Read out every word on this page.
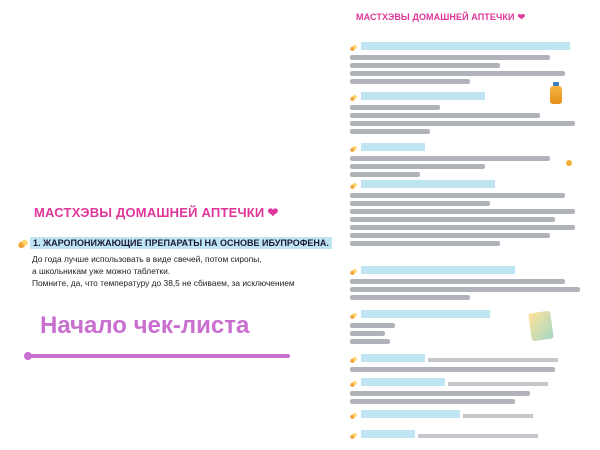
МАСТХЭВЫ ДОМАШНЕЙ АПТЕЧКИ ❤
1. ЖАРОПОНИЖАЮЩИЕ ПРЕПАРАТЫ НА ОСНОВЕ ИБУПРОФЕНА.
До года лучше использовать в виде свечей, потом сиропы,
а школьникам уже можно таблетки.
Помните, да, что температуру до 38,5 не сбиваем, за исключением
Начало чек-листа
МАСТХЭВЫ ДОМАШНЕЙ АПТЕЧКИ ❤
